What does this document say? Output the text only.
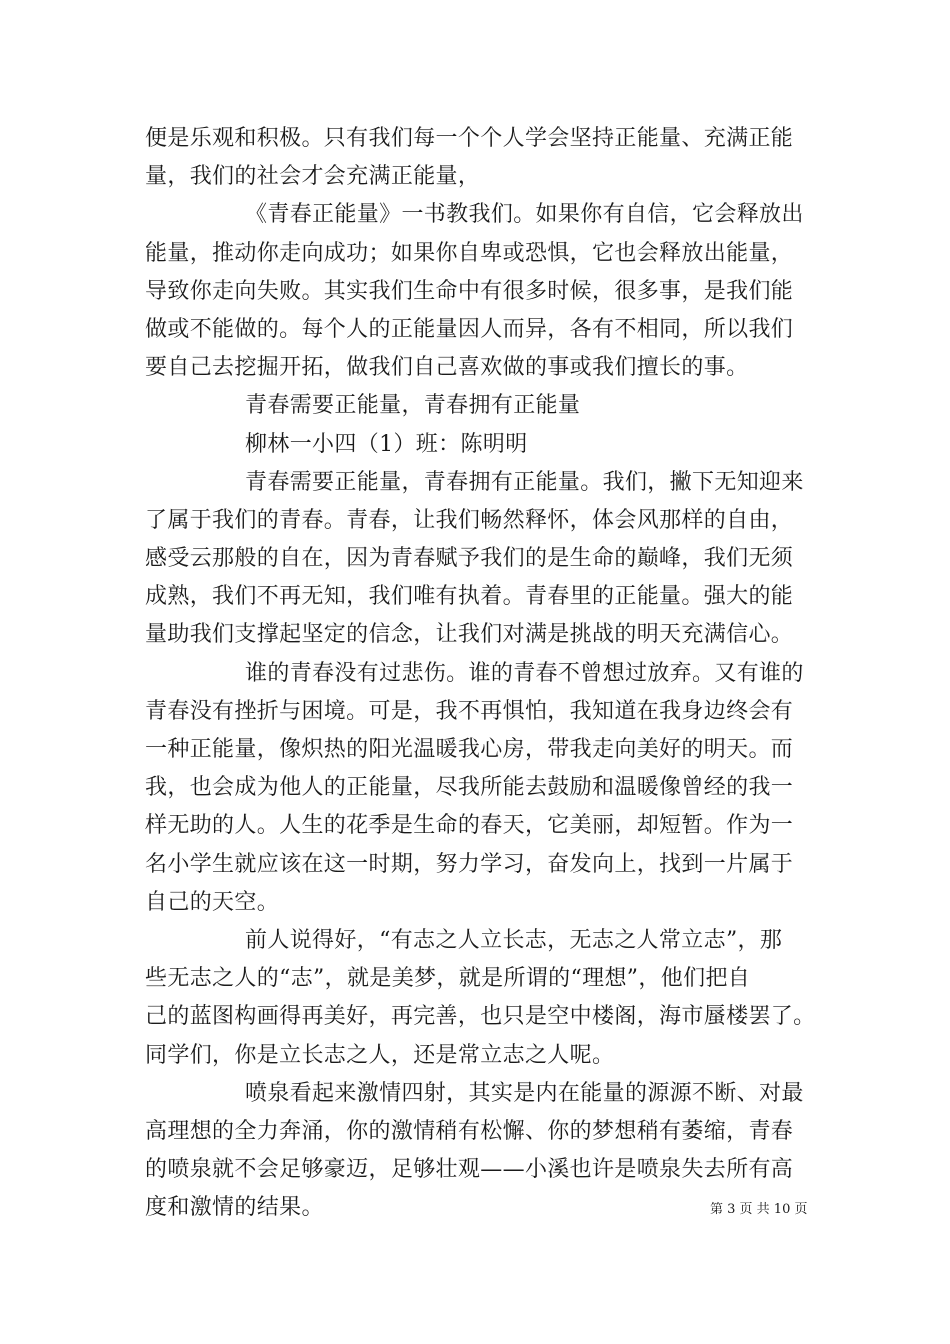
便是乐观和积极。只有我们每一个个人学会坚持正能量、充满正能
量，我们的社会才会充满正能量，
《青春正能量》一书教我们。如果你有自信，它会释放出
能量，推动你走向成功；如果你自卑或恐惧，它也会释放出能量，
导致你走向失败。其实我们生命中有很多时候，很多事，是我们能
做或不能做的。每个人的正能量因人而异，各有不相同，所以我们
要自己去挖掘开拓，做我们自己喜欢做的事或我们擅长的事。
青春需要正能量，青春拥有正能量
柳林一小四（1）班：陈明明
青春需要正能量，青春拥有正能量。我们，撇下无知迎来
了属于我们的青春。青春，让我们畅然释怀，体会风那样的自由，
感受云那般的自在，因为青春赋予我们的是生命的巅峰，我们无须
成熟，我们不再无知，我们唯有执着。青春里的正能量。强大的能
量助我们支撑起坚定的信念，让我们对满是挑战的明天充满信心。
谁的青春没有过悲伤。谁的青春不曾想过放弃。又有谁的
青春没有挫折与困境。可是，我不再惧怕，我知道在我身边终会有
一种正能量，像炽热的阳光温暖我心房，带我走向美好的明天。而
我，也会成为他人的正能量，尽我所能去鼓励和温暖像曾经的我一
样无助的人。人生的花季是生命的春天，它美丽，却短暂。作为一
名小学生就应该在这一时期，努力学习，奋发向上，找到一片属于
自己的天空。
前人说得好，“有志之人立长志，无志之人常立志”，那
些无志之人的“志”，就是美梦，就是所谓的“理想”，他们把自
己的蓝图构画得再美好，再完善，也只是空中楼阁，海市蜃楼罢了。
同学们，你是立长志之人，还是常立志之人呢。
喷泉看起来激情四射，其实是内在能量的源源不断、对最
高理想的全力奔涌，你的激情稍有松懈、你的梦想稍有萎缩，青春
的喷泉就不会足够豪迈，足够壮观——小溪也许是喷泉失去所有高
度和激情的结果。	第 3 页 共 10 页
